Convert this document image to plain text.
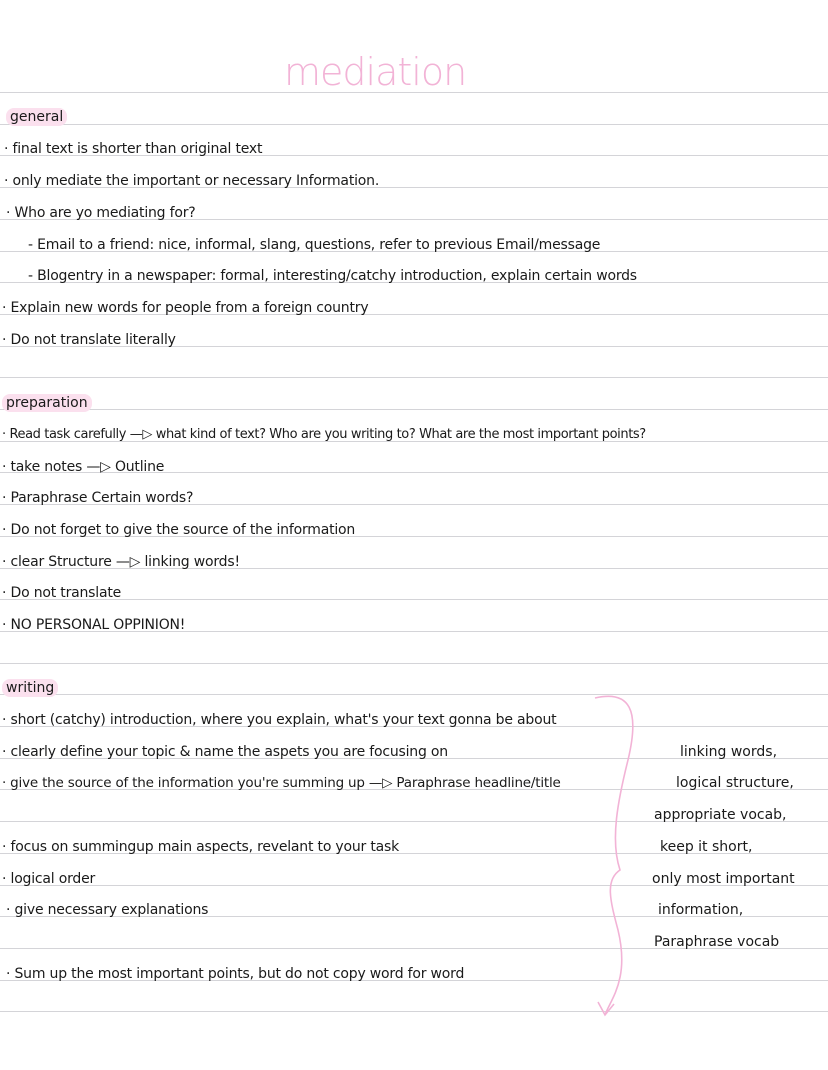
mediation
general
· final text is shorter than original text
· only mediate the important or necessary Information.
· Who are yo mediating for?
- Email to a friend: nice, informal, slang, questions, refer to previous Email/message
- Blogentry in a newspaper: formal, interesting/catchy introduction, explain certain words
· Explain new words for people from a foreign country
· Do not translate literally
preparation
· Read task carefully —▷ what kind of text? Who are you writing to? What are the most important points?
· take notes —▷ Outline
· Paraphrase Certain words?
· Do not forget to give the source of the information
· clear Structure —▷ linking words!
· Do not translate
· NO PERSONAL OPPINION!
writing
· short (catchy) introduction, where you explain, what's your text gonna be about
· clearly define your topic & name the aspets you are focusing on
· give the source of the information you're summing up —▷ Paraphrase headline/title
· focus on summingup main aspects, revelant to your task
· logical order
· give necessary explanations
· Sum up the most important points, but do not copy word for word
linking words,
logical structure,
appropriate vocab,
keep it short,
only most important
information,
Paraphrase vocab
